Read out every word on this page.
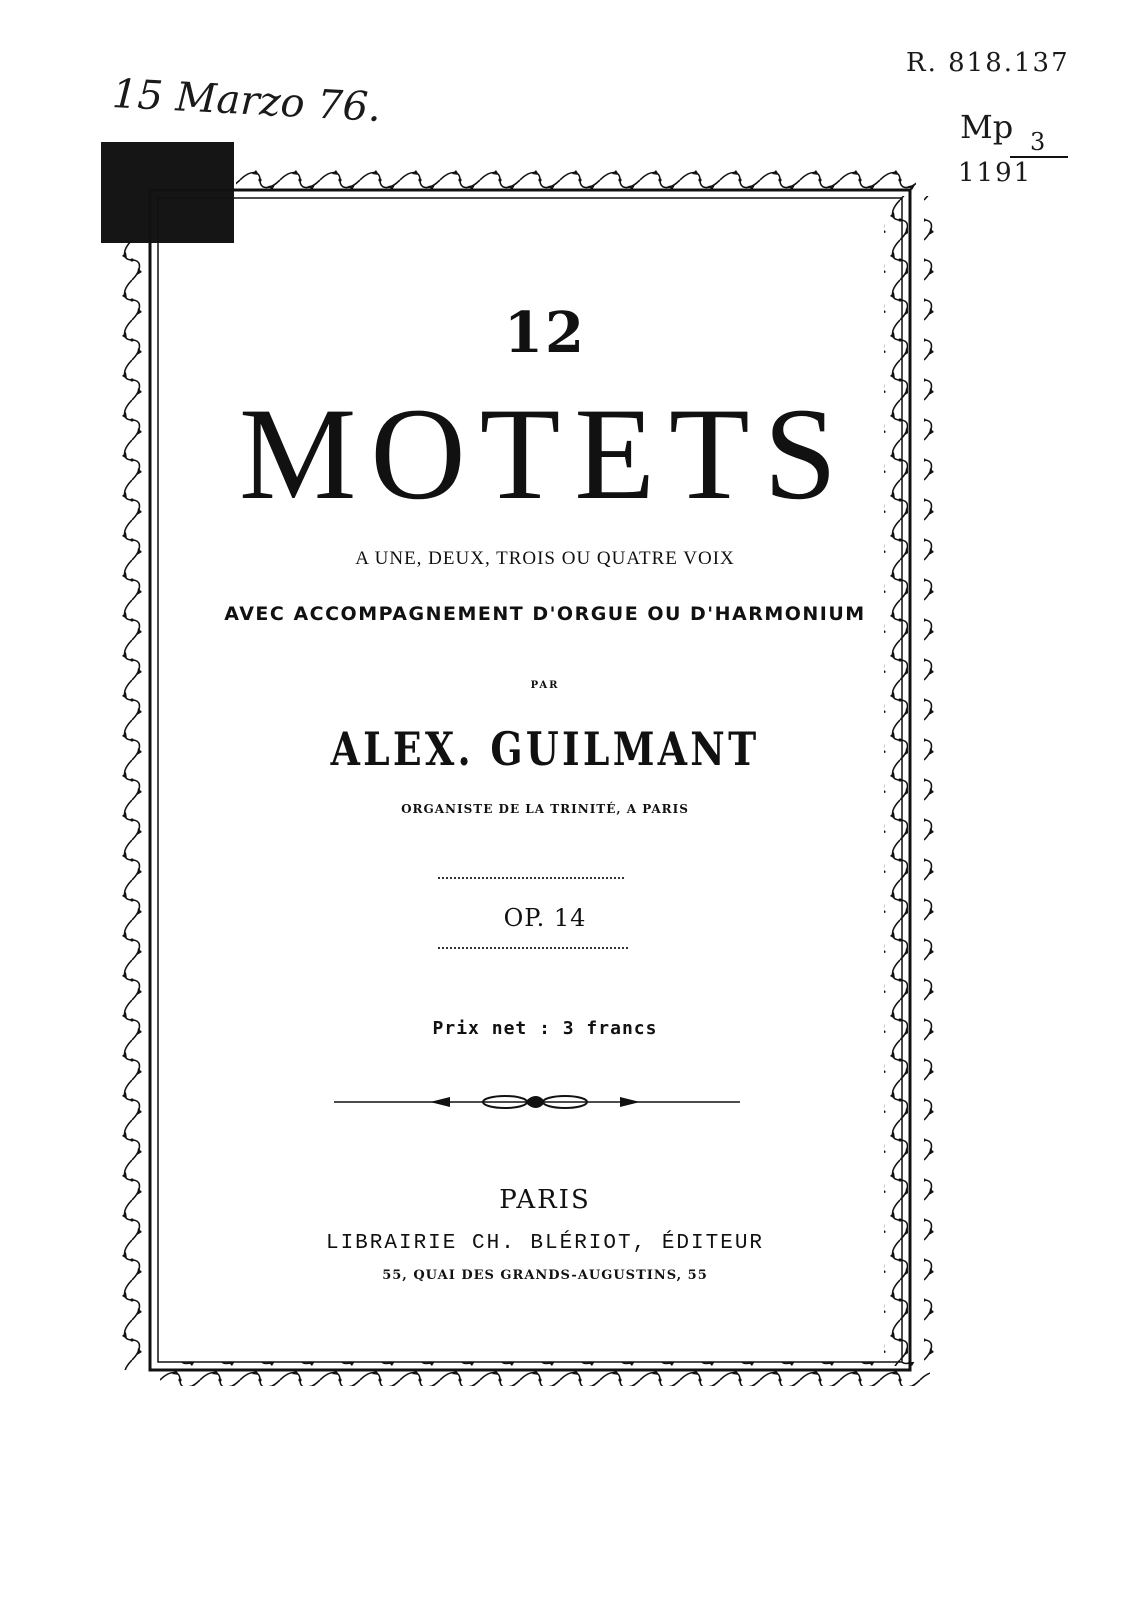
15 Marzo 76.
R. 818.137
Mp 3
1191
12
MOTETS
A UNE, DEUX, TROIS OU QUATRE VOIX
AVEC ACCOMPAGNEMENT D'ORGUE OU D'HARMONIUM
PAR
ALEX. GUILMANT
ORGANISTE DE LA TRINITÉ, A PARIS
OP. 14
Prix net : 3 francs
PARIS
LIBRAIRIE CH. BLÉRIOT, ÉDITEUR
55, QUAI DES GRANDS-AUGUSTINS, 55
